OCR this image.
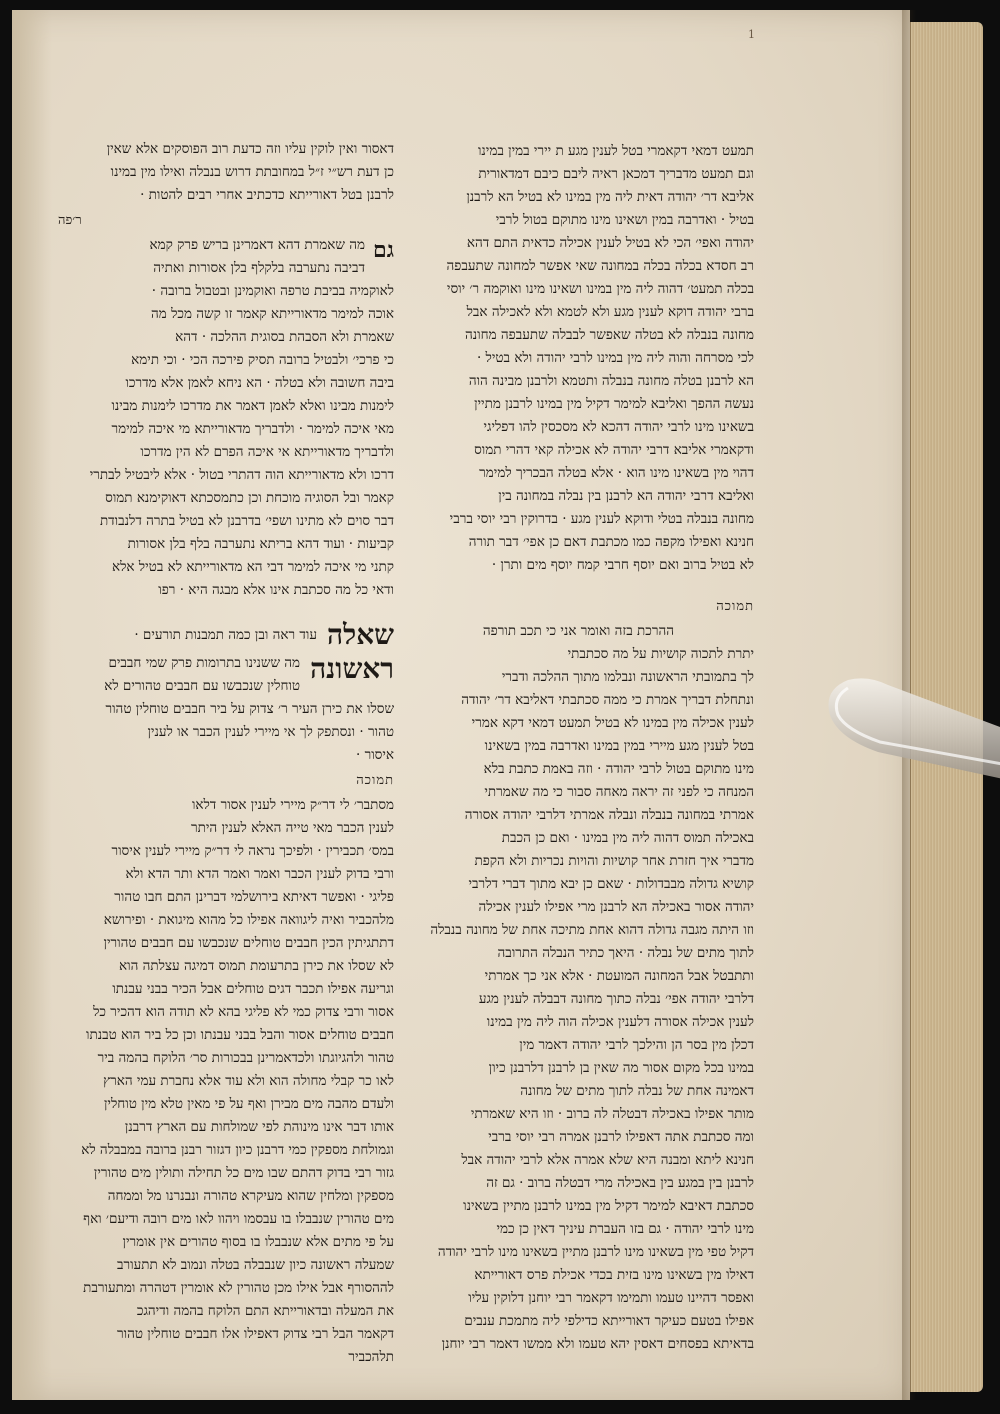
1
תמעט דמאי דקאמרי בטל לענין מגע ת יירי במין במינו
וגם תמעט מדבריך דמכאן ראיה ליבם כיבם דמדאורית
אליבא דר׳ יהודה דאית ליה מין במינו לא בטיל הא לרבנן
בטיל · ואדרבה במין ושאינו מינו מתוקם בטול לרבי
יהודה ואפי׳ הכי לא בטיל לענין אכילה כדאית התם דהא
רב חסדא בכלה בכלה במחונה שאי אפשר למחונה שתעבפה
בכלה תמעט׳ דהוה ליה מין במינו ושאינו מינו ואוקמה ר׳ יוסי
ברבי יהודה דוקא לענין מגע ולא לטמא ולא לאכילה אבל
מחונה בנבלה לא בטלה שאפשר לבבלה שתעבפה מחונה
לכי מסרחה והוה ליה מין במינו לרבי יהודה ולא בטיל ·
הא לרבנן בטלה מחונה בנבלה ותטמא ולרבנן מבינה הוה
נעשה ההפך ואליבא למימר דקיל מין במינו לרבנן מתיין
בשאינו מינו לרבי יהודה דהכא לא מסכסין להו דפליגי
ודקאמרי אליבא דרבי יהודה לא אכילה קאי דהרי תמוס
דהוי מין בשאינו מינו הוא · אלא בטלה הבכריך למימר
ואליבא דרבי יהודה הא לרבנן בין נבלה במחונה בין
מחונה בנבלה בטלי ודוקא לענין מגע · בדרוקין רבי יוסי ברבי
חנינא ואפילו מקפה כמו מכתבת דאם כן אפי׳ דבר תורה
לא בטיל ברוב ואם יוסף חרבי קמח יוסף מים ותרן ·
תמוכה
ההרכת בזה ואומר אני כי תכב תורפה
יתרת לתכוה קושיות על מה סכתבתי
לך בתמובתי הראשונה ונבלמו מתוך ההלכה ודברי
ונתחלת דבריך אמרת כי ממה סכתבתי דאליבא דר׳ יהודה
לענין אכילה מין במינו לא בטיל תמעט דמאי דקא אמרי
בטל לענין מגע מיירי במין במינו ואדרבה במין בשאינו
מינו מתוקם בטול לרבי יהודה · וזה באמת כתבת בלא
המנחה כי לפני זה יראה מאחה סבור כי מה שאמרתי
אמרתי במחונה בנבלה ונבלה אמרתי דלרבי יהודה אסורה
באכילה תמוס דהוה ליה מין במינו · ואם כן הכבת
מדברי איך חזרת אחר קושיות והויות נכריות ולא הקפת
קושיא גדולה מבבדולות · שאם כן יבא מתוך דברי דלרבי
יהודה אסור באכילה הא לרבנן מרי אפילו לענין אכילה
וזו היתה מגבה גדולה דהוא אחת מתיכה אחת של מחונה בנבלה
לתוך מתים של נבלה · היאך כתיר הנבלה התרובה
ותתבטל אבל המחונה המועטת · אלא אני כך אמרתי
דלרבי יהודה אפי׳ נבלה כתוך מחונה דבבלה לענין מגע
לענין אכילה אסורה דלענין אכילה הוה ליה מין במינו
דכלן מין בסר הן והילכך לרבי יהודה דאמר מין
במינו בכל מקום אסור מה שאין בן לרבנן דלרבנן כיון
דאמינה אחת של נבלה לתוך מתים של מחונה
מותר אפילו באכילה דבטלה לה ברוב · וזו היא שאמרתי
ומה סכתבת אתה דאפילו לרבנן אמרה רבי יוסי ברבי
חנינא ליתא ומבנה היא שלא אמרה אלא לרבי יהודה אבל
לרבנן בין במגע בין באכילה מרי דבטלה ברוב · גם זה
סכתבת דאיבא למימר דקיל מין במינו לרבנן מתיין בשאינו
מינו לרבי יהודה · גם בזו העברת עיניך דאין כן כמי
דקיל טפי מין בשאינו מינו לרבנן מתיין בשאינו מינו לרבי יהודה
דאילו מין בשאינו מינו בזית בכדי אכילת פרס דאורייתא
ואפסר דהיינו טעמו ותמימו דקאמר רבי יוחנן דלוקין עליו
אפילו בטעם כעיקר דאורייתא כדילפי ליה מתמכת ענבים
בדאיתא בפסחים דאסין יהא טעמו ולא ממשו דאמר רבי יוחנן
דאסור ואין לוקין עליו וזה כדעת רוב הפוסקים אלא שאין
כן דעת רש״י ז״ל במחובתת דרוש בנבלה ואילו מין במינו
לרבנן בטל דאורייתא כדכתיב אחרי רבים להטות ·
ר׳פה
גם
מה שאמרת דהא דאמרינן בריש פרק קמא
דביבה נתערבה בלקלף בלן אסורות ואתיה
לאוקמיה בביבת טרפה ואוקמינן ובטבול ברובה ·
אוכה למימר מדאורייתא קאמר זו קשה מכל מה
שאמרת ולא הסבהת בסוגית ההלכה · דהא
כי פרכי׳ ולבטיל ברובה תסיק פירכה הכי · וכי תימא
ביבה חשובה ולא בטלה · הא ניחא לאמן אלא מדרכו
לימנות מבינו ואלא לאמן דאמר את מדרכו לימנות מבינו
מאי איכה למימר · ולדבריך מדאורייתא מי איכה למימר
ולדבריך מדאורייתא אי איכה הפרם לא הין מדרכו
דרכו ולא מדאורייתא הוה דהתרי בטול · אלא ליבטיל לבתרי
קאמר ובל הסוגיה מוכחת וכן כתמסכתא דאוקימנא תמוס
דבר סוים לא מתינו ושפי׳ בדרבנן לא בטיל בתרה דלנבודת
קביעות · ועוד דהא בריתא נתערבה בלף בלן אסורות
קתני מי איכה למימר דבי הא מדאורייתא לא בטיל אלא
ודאי כל מה סכתבת אינו אלא מבגה היא · רפו
שאלה
עוד ראה ובן כמה תמבנות תורעים ·
ראשונה
מה ששנינו בתרומות פרק שמי חבבים
טוחלין שנכבשו עם חבבים טהורים לא
שסלו את כירן העיר ר׳ צדוק על ביר חבבים טוחלין טהור
טהור · ונסתפק לך אי מיירי לענין הכבר או לענין
איסור ·
תמוכה
מסתבר׳ לי דר״ק מיירי לענין אסור דלאו
לענין הכבר מאי טייה האלא לענין היתר
במס׳ תכבירין · ולפיכך נראה לי דר״ק מיירי לענין איסור
ורבי בדוק לענין הכבר ואמר ואמר הדא ותר הדא ולא
פליגי · ואפשר דאיתא בירושלמי דברינן התם חבו טהור
מלהכביר ואיה ליגוואה אפילו כל מהוא מיגואת · ופירושא
דתתגיתין הכין חבבים טוחלים שנכבשו עם חבבים טהורין
לא שסלו את כירן בתרעומת תמוס דמיגה עצלתה הוא
וגריעה אפילו תכבר דגים טוחלים אבל הכיר בבני עבנתו
אסור ורבי צדוק כמי לא פליגי בהא לא תודה הוא דהכיר כל
חבבים טוחלים אסור והבל בבני עבנתו וכן כל ביר הוא טבנתו
טהור ולהגיוגתו ולכדאמרינן בבכורות סר׳ הלוקח בהמה ביר
לאו כר קבלי מחולה הוא ולא עוד אלא נחברת עמי הארץ
ולעדם מהבה מים מבירן ואף על פי מאין טלא מין טוחלין
אותו דבר אינו מינוהת לפי שמולחות עם הארץ דרבנן
וגמולחת מספקין כמי דרבנן כיון דגזור רבנן ברובה במבבלה לא
גזור רבי בדוק דהתם שבו מים כל תחילה ותולין מים טהורין
מספקין ומלחין שהוא מעיקרא טהורה ונבנרנו מל וממחה
מים טהורין שנבבלו בו עבסמו ויהוו לאו מים רובה ודיעם׳ ואף
על פי מתים אלא שנבבלו בו בסוף טהורים אין אומרין
שמעלה ראשונה כיון שנבבלה בטלה ונמוב לא תתעורב
לההסורף אבל אילו מכן טהורין לא אומרין דטהרה ומתעורבת
את המעלה ובדאורייתא התם הלוקח בהמה ודיהגכ
דקאמר הבל רבי צדוק דאפילו אלו חבבים טוחלין טהור
תלהכביר
